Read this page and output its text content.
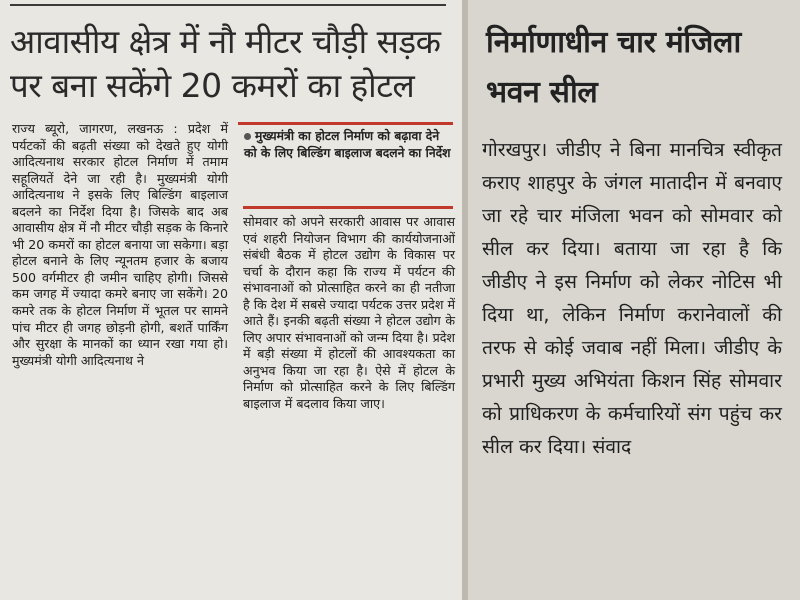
आवासीय क्षेत्र में नौ मीटर चौड़ी सड़क पर बना सकेंगे 20 कमरों का होटल

राज्य ब्यूरो, जागरण, लखनऊ : प्रदेश में पर्यटकों की बढ़ती संख्या को देखते हुए योगी आदित्यनाथ सरकार होटल निर्माण में तमाम सहूलियतें देने जा रही है। मुख्यमंत्री योगी आदित्यनाथ ने इसके लिए बिल्डिंग बाइलाज बदलने का निर्देश दिया है। जिसके बाद अब आवासीय क्षेत्र में नौ मीटर चौड़ी सड़क के किनारे भी 20 कमरों का होटल बनाया जा सकेगा। बड़ा होटल बनाने के लिए न्यूनतम हजार के बजाय 500 वर्गमीटर ही जमीन चाहिए होगी। जिससे कम जगह में ज्यादा कमरे बनाए जा सकेंगे। 20 कमरे तक के होटल निर्माण में भूतल पर सामने पांच मीटर ही जगह छोड़नी होगी, बशर्ते पार्किंग और सुरक्षा के मानकों का ध्यान रखा गया हो। मुख्यमंत्री योगी आदित्यनाथ ने

मुख्यमंत्री का होटल निर्माण को बढ़ावा देने को के लिए बिल्डिंग बाइलाज बदलने का निर्देश

सोमवार को अपने सरकारी आवास पर आवास एवं शहरी नियोजन विभाग की कार्ययोजनाओं संबंधी बैठक में होटल उद्योग के विकास पर चर्चा के दौरान कहा कि राज्य में पर्यटन की संभावनाओं को प्रोत्साहित करने का ही नतीजा है कि देश में सबसे ज्यादा पर्यटक उत्तर प्रदेश में आते हैं। इनकी बढ़ती संख्या ने होटल उद्योग के लिए अपार संभावनाओं को जन्म दिया है। प्रदेश में बड़ी संख्या में होटलों की आवश्यकता का अनुभव किया जा रहा है। ऐसे में होटल के निर्माण को प्रोत्साहित करने के लिए बिल्डिंग बाइलाज में बदलाव किया जाए।

निर्माणाधीन चार मंजिला भवन सील

गोरखपुर। जीडीए ने बिना मानचित्र स्वीकृत कराए शाहपुर के जंगल मातादीन में बनवाए जा रहे चार मंजिला भवन को सोमवार को सील कर दिया। बताया जा रहा है कि जीडीए ने इस निर्माण को लेकर नोटिस भी दिया था, लेकिन निर्माण करानेवालों की तरफ से कोई जवाब नहीं मिला। जीडीए के प्रभारी मुख्य अभियंता किशन सिंह सोमवार को प्राधिकरण के कर्मचारियों संग पहुंच कर सील कर दिया। संवाद
